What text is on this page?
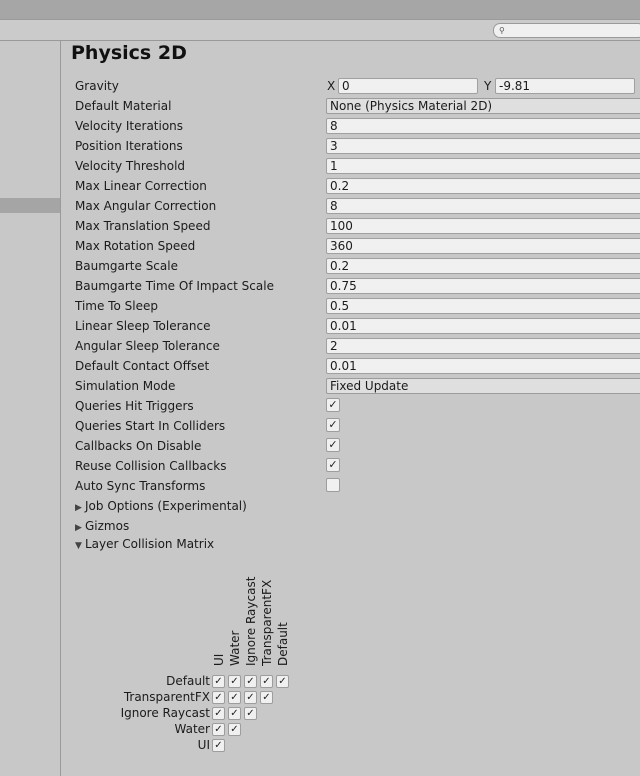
⚲
Physics 2D
Gravity	X 0	Y -9.81
Default Material	None (Physics Material 2D)
Velocity Iterations	8
Position Iterations	3
Velocity Threshold	1
Max Linear Correction	0.2
Max Angular Correction	8
Max Translation Speed	100
Max Rotation Speed	360
Baumgarte Scale	0.2
Baumgarte Time Of Impact Scale	0.75
Time To Sleep	0.5
Linear Sleep Tolerance	0.01
Angular Sleep Tolerance	2
Default Contact Offset	0.01
Simulation Mode	Fixed Update
Queries Hit Triggers	✓
Queries Start In Colliders	✓
Callbacks On Disable	✓
Reuse Collision Callbacks	✓
Auto Sync Transforms
▶ Job Options (Experimental)
▶ Gizmos
▼ Layer Collision Matrix
UI Water Ignore Raycast TransparentFX Default
Default ✓ ✓ ✓ ✓ ✓
TransparentFX ✓ ✓ ✓ ✓
Ignore Raycast ✓ ✓ ✓
Water ✓ ✓
UI ✓
